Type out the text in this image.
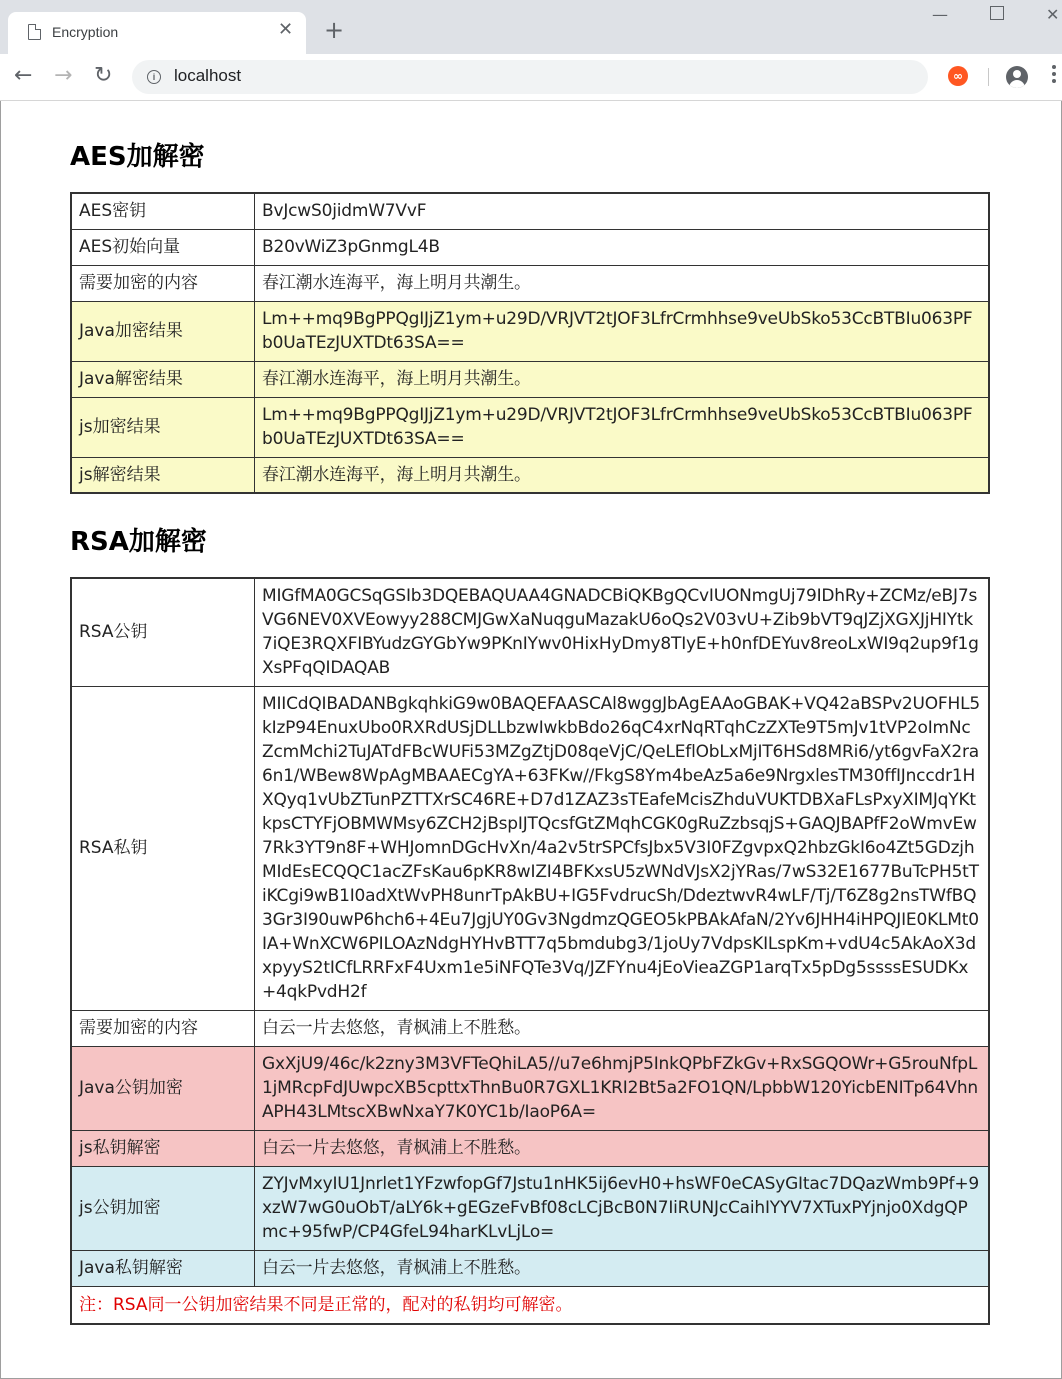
Encryption	✕ +
—	✕
← → ↻	i	localhost	∞
AES加解密
AES密钥	BvJcwS0jidmW7VvF
AES初始向量	B20vWiZ3pGnmgL4B
需要加密的内容	春江潮水连海平，海上明月共潮生。
Java加密结果	Lm++mq9BgPPQgIJjZ1ym+u29D/VRJVT2tJOF3LfrCrmhhse9veUbSko53CcBTBIu063PFb0UaTEzJUXTDt63SA==
Java解密结果	春江潮水连海平，海上明月共潮生。
js加密结果	Lm++mq9BgPPQgIJjZ1ym+u29D/VRJVT2tJOF3LfrCrmhhse9veUbSko53CcBTBIu063PFb0UaTEzJUXTDt63SA==
js解密结果	春江潮水连海平，海上明月共潮生。
RSA加解密
RSA公钥	MIGfMA0GCSqGSIb3DQEBAQUAA4GNADCBiQKBgQCvIUONmgUj79IDhRy+ZCMz/eBJ7sVG6NEV0XVEowyy288CMJGwXaNuqguMazakU6oQs2V03vU+Zib9bVT9qJZjXGXJjHIYtk7iQE3RQXFIBYudzGYGbYw9PKnIYwv0HixHyDmy8TIyE+h0nfDEYuv8reoLxWI9q2up9f1gXsPFqQIDAQAB
RSA私钥	MIICdQIBADANBgkqhkiG9w0BAQEFAASCAl8wggJbAgEAAoGBAK+VQ42aBSPv2UOFHL5kIzP94EnuxUbo0RXRdUSjDLLbzwIwkbBdo26qC4xrNqRTqhCzZXTe9T5mJv1tVP2oImNcZcmMchi2TuJATdFBcWUFi53MZgZtjD08qeVjC/QeLEflObLxMjIT6HSd8MRi6/yt6gvFaX2ra6n1/WBew8WpAgMBAAECgYA+63FKw//FkgS8Ym4beAz5a6e9NrgxlesTM30ffIJnccdr1HXQyq1vUbZTunPZTTXrSC46RE+D7d1ZAZ3sTEafeMcisZhduVUKTDBXaFLsPxyXIMJqYKtkpsCTYFjOBMWMsy6ZCH2jBspIJTQcsfGtZMqhCGK0gRuZzbsqjS+GAQJBAPfF2oWmvEw7Rk3YT9n8F+WHJomnDGcHvXn/4a2v5trSPCfsJbx5V3I0FZgvpxQ2hbzGkI6o4Zt5GDzjhMIdEsECQQC1acZFsKau6pKR8wIZI4BFKxsU5zWNdVJsX2jYRas/7wS32E1677BuTcPH5tTiKCgi9wB1I0adXtWvPH8unrTpAkBU+IG5FvdrucSh/DdeztwvR4wLF/Tj/T6Z8g2nsTWfBQ3Gr3I90uwP6hch6+4Eu7JgjUY0Gv3NgdmzQGEO5kPBAkAfaN/2Yv6JHH4iHPQJIE0KLMt0IA+WnXCW6PILOAzNdgHYHvBTT7q5bmdubg3/1joUy7VdpsKILspKm+vdU4c5AkAoX3dxpyyS2tICfLRRFxF4Uxm1e5iNFQTe3Vq/JZFYnu4jEoVieaZGP1arqTx5pDg5ssssESUDKx+4qkPvdH2f
需要加密的内容	白云一片去悠悠，青枫浦上不胜愁。
Java公钥加密	GxXjU9/46c/k2zny3M3VFTeQhiLA5//u7e6hmjP5InkQPbFZkGv+RxSGQOWr+G5rouNfpL1jMRcpFdJUwpcXB5cpttxThnBu0R7GXL1KRI2Bt5a2FO1QN/LpbbW120YicbENITp64VhnAPH43LMtscXBwNxaY7K0YC1b/IaoP6A=
js私钥解密	白云一片去悠悠，青枫浦上不胜愁。
js公钥加密	ZYJvMxyIU1Jnrlet1YFzwfopGf7Jstu1nHK5ij6evH0+hsWF0eCASyGItac7DQazWmb9Pf+9xzW7wG0uObT/aLY6k+gEGzeFvBf08cLCjBcB0N7IiRUNJcCaihIYYV7XTuxPYjnjo0XdgQPmc+95fwP/CP4GfeL94harKLvLjLo=
Java私钥解密	白云一片去悠悠，青枫浦上不胜愁。
注：RSA同一公钥加密结果不同是正常的，配对的私钥均可解密。	
